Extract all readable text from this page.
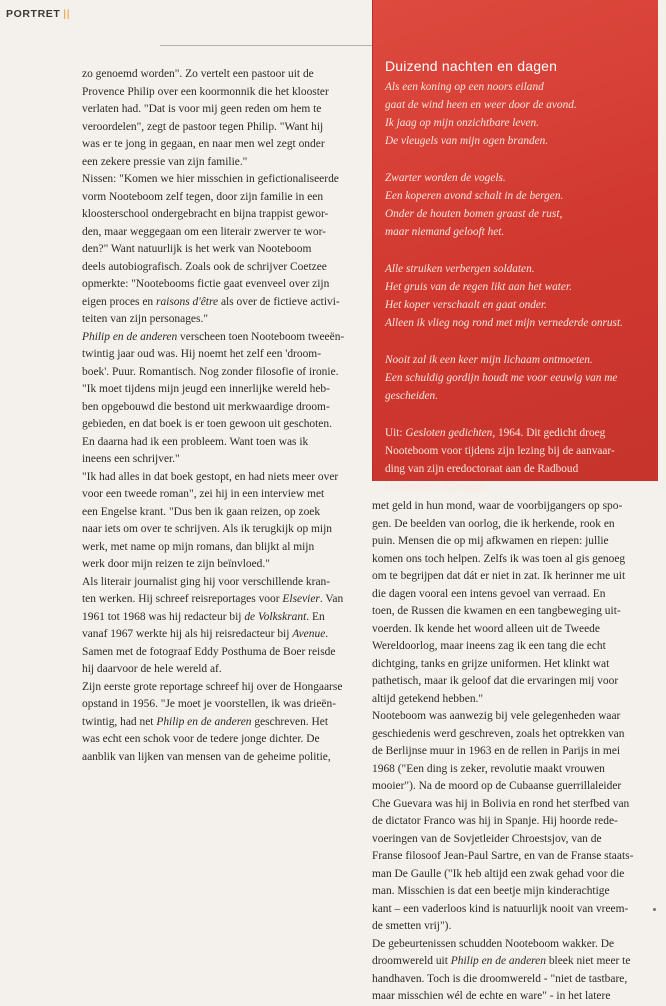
PORTRET ||
Duizend nachten en dagen
Als een koning op een noors eiland
gaat de wind heen en weer door de avond.
Ik jaag op mijn onzichtbare leven.
De vleugels van mijn ogen branden.
Zwarter worden de vogels.
Een koperen avond schalt in de bergen.
Onder de houten bomen graast de rust,
maar niemand gelooft het.
Alle struiken verbergen soldaten.
Het gruis van de regen likt aan het water.
Het koper verschaalt en gaat onder.
Alleen ik vlieg nog rond met mijn vernederde onrust.
Nooit zal ik een keer mijn lichaam ontmoeten.
Een schuldig gordijn houdt me voor eeuwig van me
gescheiden.
Uit: Gesloten gedichten, 1964. Dit gedicht droeg
Nooteboom voor tijdens zijn lezing bij de aanvaar-
ding van zijn eredoctoraat aan de Radboud
Universiteit Nijmegen.
zo genoemd worden". Zo vertelt een pastoor uit de
Provence Philip over een koormonnik die het klooster
verlaten had. "Dat is voor mij geen reden om hem te
veroordelen", zegt de pastoor tegen Philip. "Want hij
was er te jong in gegaan, en naar men wel zegt onder
een zekere pressie van zijn familie."
Nissen: "Komen we hier misschien in gefictionaliseerde
vorm Nooteboom zelf tegen, door zijn familie in een
kloosterschool ondergebracht en bijna trappist gewor-
den, maar weggegaan om een literair zwerver te wor-
den?" Want natuurlijk is het werk van Nooteboom
deels autobiografisch. Zoals ook de schrijver Coetzee
opmerkte: "Nootebooms fictie gaat evenveel over zijn
eigen proces en raisons d'être als over de fictieve activi-
teiten van zijn personages."
Philip en de anderen verscheen toen Nooteboom tweeën-
twintig jaar oud was. Hij noemt het zelf een 'droom-
boek'. Puur. Romantisch. Nog zonder filosofie of ironie.
"Ik moet tijdens mijn jeugd een innerlijke wereld heb-
ben opgebouwd die bestond uit merkwaardige droom-
gebieden, en dat boek is er toen gewoon uit geschoten.
En daarna had ik een probleem. Want toen was ik
ineens een schrijver."
"Ik had alles in dat boek gestopt, en had niets meer over
voor een tweede roman", zei hij in een interview met
een Engelse krant. "Dus ben ik gaan reizen, op zoek
naar iets om over te schrijven. Als ik terugkijk op mijn
werk, met name op mijn romans, dan blijkt al mijn
werk door mijn reizen te zijn beïnvloed."
Als literair journalist ging hij voor verschillende kran-
ten werken. Hij schreef reisreportages voor Elsevier. Van
1961 tot 1968 was hij redacteur bij de Volkskrant. En
vanaf 1967 werkte hij als hij reisredacteur bij Avenue.
Samen met de fotograaf Eddy Posthuma de Boer reisde
hij daarvoor de hele wereld af.
Zijn eerste grote reportage schreef hij over de Hongaarse
opstand in 1956. "Je moet je voorstellen, ik was drieën-
twintig, had net Philip en de anderen geschreven. Het
was echt een schok voor de tedere jonge dichter. De
aanblik van lijken van mensen van de geheime politie,
met geld in hun mond, waar de voorbijgangers op spo-
gen. De beelden van oorlog, die ik herkende, rook en
puin. Mensen die op mij afkwamen en riepen: jullie
komen ons toch helpen. Zelfs ik was toen al gis genoeg
om te begrijpen dat dát er niet in zat. Ik herinner me uit
die dagen vooral een intens gevoel van verraad. En
toen, de Russen die kwamen en een tangbeweging uit-
voerden. Ik kende het woord alleen uit de Tweede
Wereldoorlog, maar ineens zag ik een tang die echt
dichtging, tanks en grijze uniformen. Het klinkt wat
pathetisch, maar ik geloof dat die ervaringen mij voor
altijd getekend hebben."
Nooteboom was aanwezig bij vele gelegenheden waar
geschiedenis werd geschreven, zoals het optrekken van
de Berlijnse muur in 1963 en de rellen in Parijs in mei
1968 ("Een ding is zeker, revolutie maakt vrouwen
mooier"). Na de moord op de Cubaanse guerrillaleider
Che Guevara was hij in Bolivia en rond het sterfbed van
de dictator Franco was hij in Spanje. Hij hoorde rede-
voeringen van de Sovjetleider Chroestsjov, van de
Franse filosoof Jean-Paul Sartre, en van de Franse staats-
man De Gaulle ("Ik heb altijd een zwak gehad voor die
man. Misschien is dat een beetje mijn kinderachtige
kant – een vaderloos kind is natuurlijk nooit van vreem-
de smetten vrij").
De gebeurtenissen schudden Nooteboom wakker. De
droomwereld uit Philip en de anderen bleek niet meer te
handhaven. Toch is die droomwereld - "niet de tastbare,
maar misschien wél de echte en ware" - in het latere
